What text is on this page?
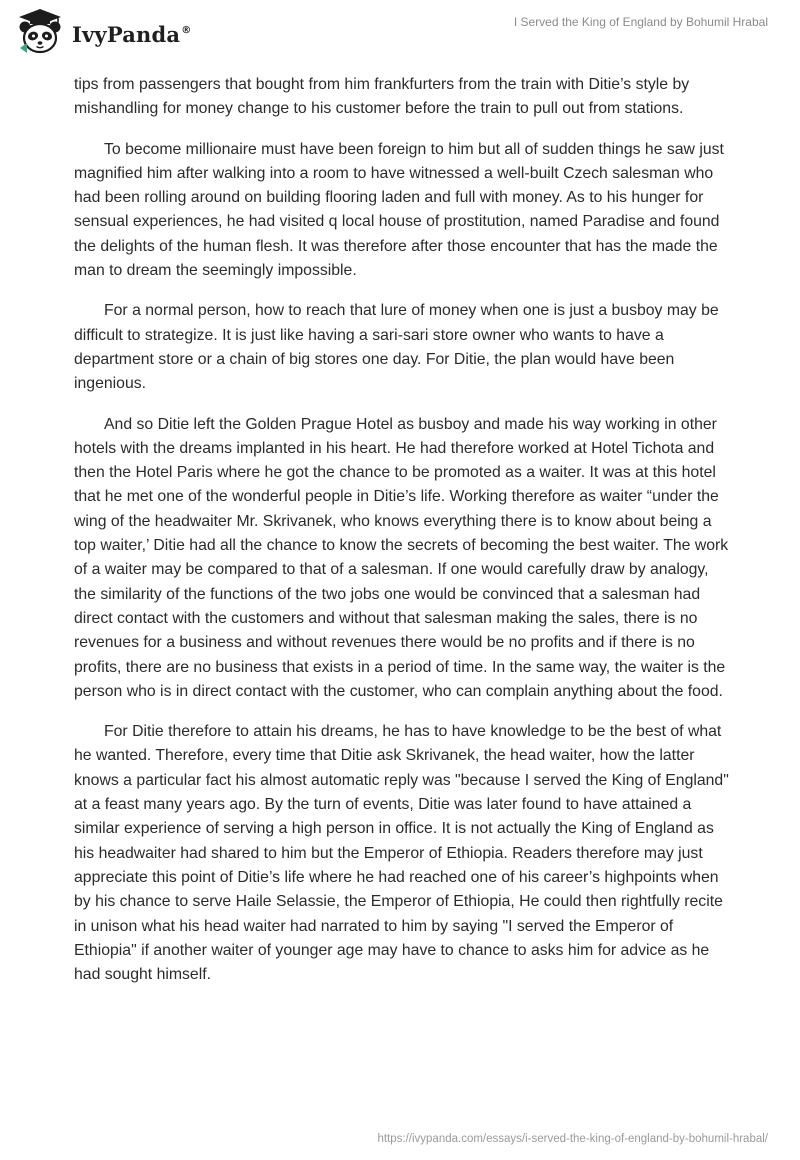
IvyPanda®
I Served the King of England by Bohumil Hrabal

tips from passengers that bought from him frankfurters from the train with Ditie’s style by mishandling for money change to his customer before the train to pull out from stations.

To become millionaire must have been foreign to him but all of sudden things he saw just magnified him after walking into a room to have witnessed a well-built Czech salesman who had been rolling around on building flooring laden and full with money. As to his hunger for sensual experiences, he had visited q local house of prostitution, named Paradise and found the delights of the human flesh. It was therefore after those encounter that has the made the man to dream the seemingly impossible.

For a normal person, how to reach that lure of money when one is just a busboy may be difficult to strategize. It is just like having a sari-sari store owner who wants to have a department store or a chain of big stores one day. For Ditie, the plan would have been ingenious.

And so Ditie left the Golden Prague Hotel as busboy and made his way working in other hotels with the dreams implanted in his heart. He had therefore worked at Hotel Tichota and then the Hotel Paris where he got the chance to be promoted as a waiter. It was at this hotel that he met one of the wonderful people in Ditie’s life. Working therefore as waiter “under the wing of the headwaiter Mr. Skrivanek, who knows everything there is to know about being a top waiter,’ Ditie had all the chance to know the secrets of becoming the best waiter. The work of a waiter may be compared to that of a salesman. If one would carefully draw by analogy, the similarity of the functions of the two jobs one would be convinced that a salesman had direct contact with the customers and without that salesman making the sales, there is no revenues for a business and without revenues there would be no profits and if there is no profits, there are no business that exists in a period of time. In the same way, the waiter is the person who is in direct contact with the customer, who can complain anything about the food.

For Ditie therefore to attain his dreams, he has to have knowledge to be the best of what he wanted. Therefore, every time that Ditie ask Skrivanek, the head waiter, how the latter knows a particular fact his almost automatic reply was "because I served the King of England" at a feast many years ago. By the turn of events, Ditie was later found to have attained a similar experience of serving a high person in office. It is not actually the King of England as his headwaiter had shared to him but the Emperor of Ethiopia. Readers therefore may just appreciate this point of Ditie’s life where he had reached one of his career’s highpoints when by his chance to serve Haile Selassie, the Emperor of Ethiopia, He could then rightfully recite in unison what his head waiter had narrated to him by saying "I served the Emperor of Ethiopia" if another waiter of younger age may have to chance to asks him for advice as he had sought himself.

https://ivypanda.com/essays/i-served-the-king-of-england-by-bohumil-hrabal/
